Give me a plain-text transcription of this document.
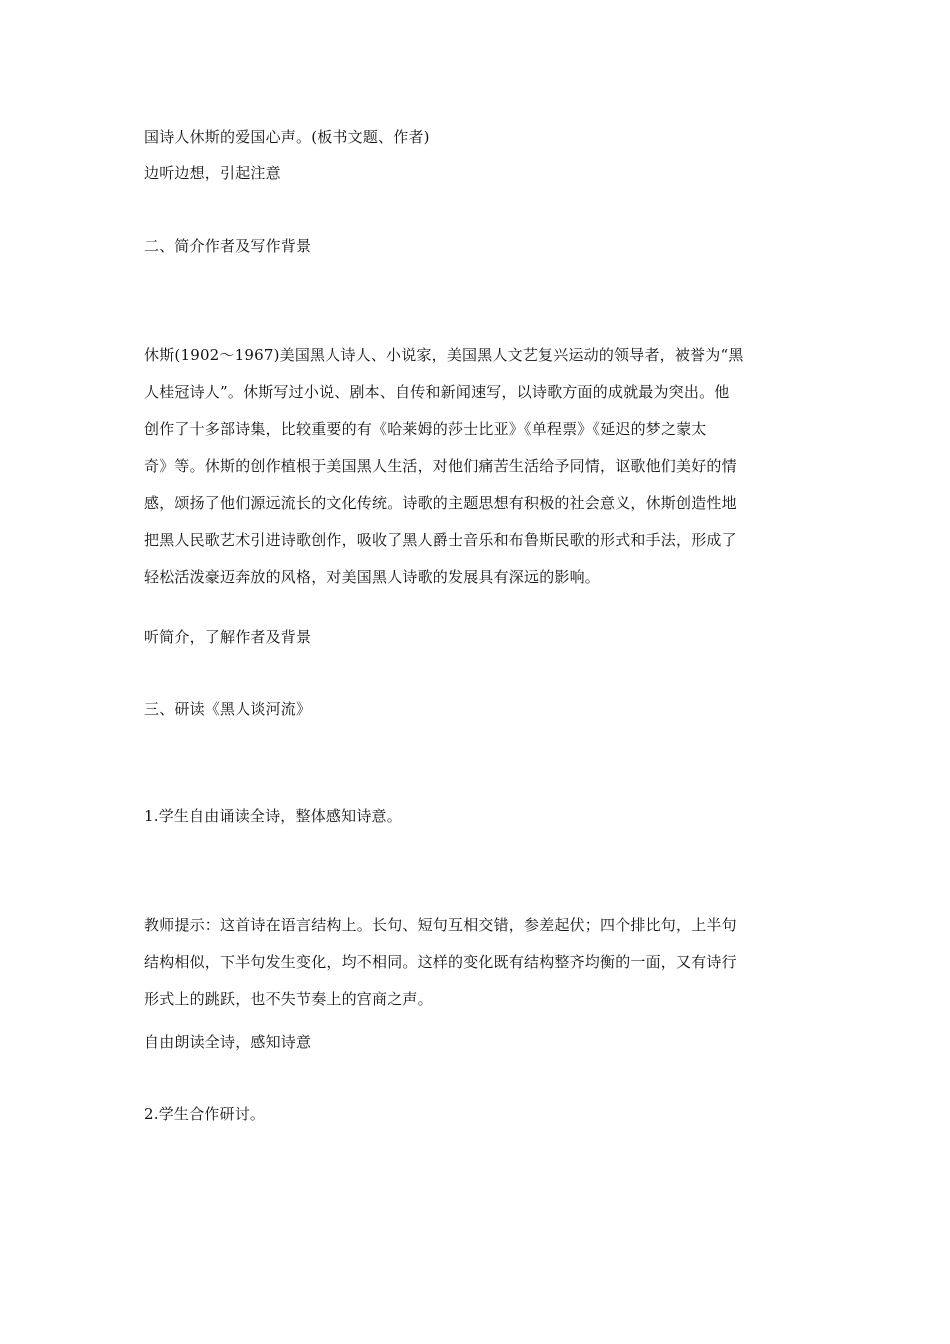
国诗人休斯的爱国心声。(板书文题、作者)

边听边想，引起注意

二、简介作者及写作背景

休斯(1902～1967)美国黑人诗人、小说家，美国黑人文艺复兴运动的领导者，被誉为“黑
人桂冠诗人”。休斯写过小说、剧本、自传和新闻速写，以诗歌方面的成就最为突出。他
创作了十多部诗集，比较重要的有《哈莱姆的莎士比亚》《单程票》《延迟的梦之蒙太
奇》等。休斯的创作植根于美国黑人生活，对他们痛苦生活给予同情，讴歌他们美好的情
感，颂扬了他们源远流长的文化传统。诗歌的主题思想有积极的社会意义，休斯创造性地
把黑人民歌艺术引进诗歌创作，吸收了黑人爵士音乐和布鲁斯民歌的形式和手法，形成了
轻松活泼豪迈奔放的风格，对美国黑人诗歌的发展具有深远的影响。

听简介，了解作者及背景

三、研读《黑人谈河流》

1.学生自由诵读全诗，整体感知诗意。

教师提示：这首诗在语言结构上。长句、短句互相交错，参差起伏；四个排比句，上半句
结构相似，下半句发生变化，均不相同。这样的变化既有结构整齐均衡的一面，又有诗行
形式上的跳跃，也不失节奏上的宫商之声。

自由朗读全诗，感知诗意

2.学生合作研讨。
